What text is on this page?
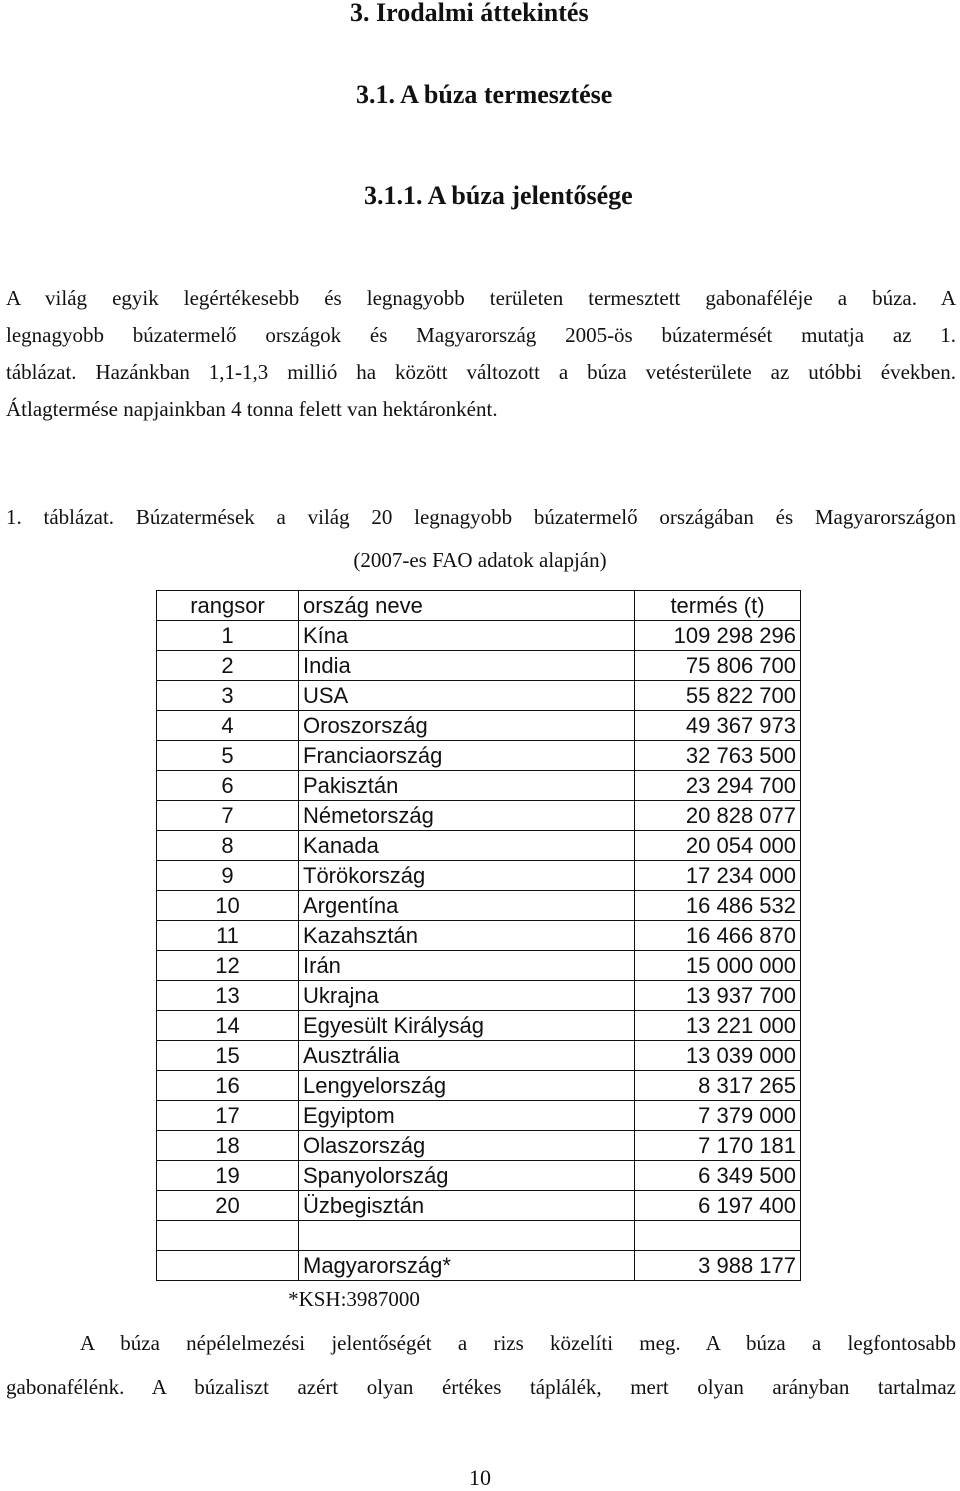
3. Irodalmi áttekintés
3.1. A búza termesztése
3.1.1. A búza jelentősége
A világ egyik legértékesebb és legnagyobb területen termesztett gabonaféléje a búza. A
legnagyobb búzatermelő országok és Magyarország 2005-ös búzatermését mutatja az 1.
táblázat. Hazánkban 1,1-1,3 millió ha között változott a búza vetésterülete az utóbbi években.
Átlagtermése napjainkban 4 tonna felett van hektáronként.
1. táblázat. Búzatermések a világ 20 legnagyobb búzatermelő országában és Magyarországon
(2007-es FAO adatok alapján)
rangsor	ország neve	termés (t)
1	Kína	109 298 296
2	India	75 806 700
3	USA	55 822 700
4	Oroszország	49 367 973
5	Franciaország	32 763 500
6	Pakisztán	23 294 700
7	Németország	20 828 077
8	Kanada	20 054 000
9	Törökország	17 234 000
10	Argentína	16 486 532
11	Kazahsztán	16 466 870
12	Irán	15 000 000
13	Ukrajna	13 937 700
14	Egyesült Királyság	13 221 000
15	Ausztrália	13 039 000
16	Lengyelország	8 317 265
17	Egyiptom	7 379 000
18	Olaszország	7 170 181
19	Spanyolország	6 349 500
20	Üzbegisztán	6 197 400

	Magyarország*	3 988 177
*KSH:3987000
A búza népélelmezési jelentőségét a rizs közelíti meg. A búza a legfontosabb
gabonafélénk. A búzaliszt azért olyan értékes táplálék, mert olyan arányban tartalmaz
10
